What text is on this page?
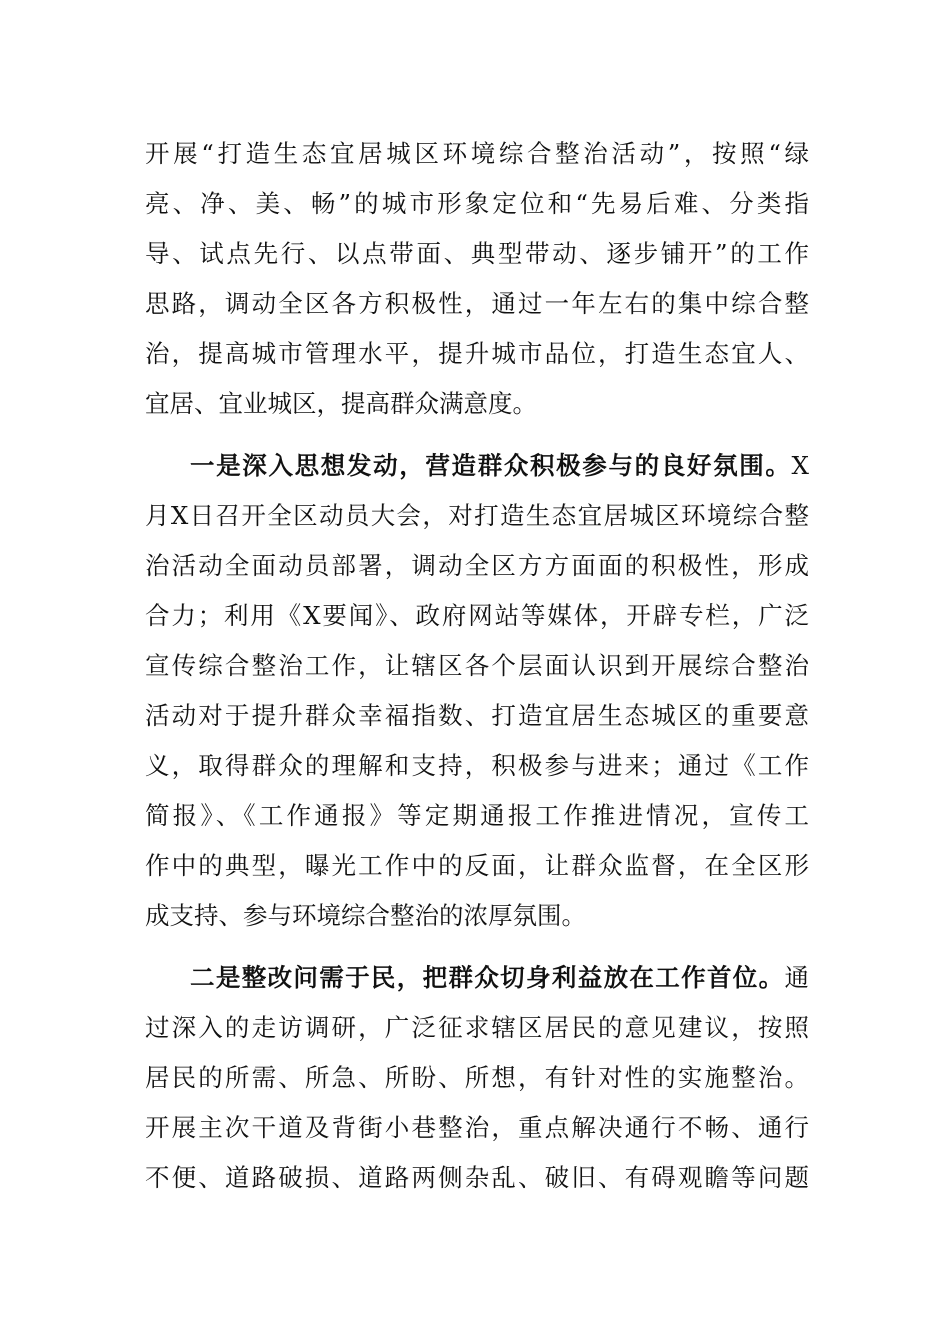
开展“打造生态宜居城区环境综合整治活动”，按照“绿
亮、净、美、畅”的城市形象定位和“先易后难、分类指
导、试点先行、以点带面、典型带动、逐步铺开”的工作
思路，调动全区各方积极性，通过一年左右的集中综合整
治，提高城市管理水平，提升城市品位，打造生态宜人、
宜居、宜业城区，提高群众满意度。
一是深入思想发动，营造群众积极参与的良好氛围。X
月X日召开全区动员大会，对打造生态宜居城区环境综合整
治活动全面动员部署，调动全区方方面面的积极性，形成
合力；利用《X要闻》、政府网站等媒体，开辟专栏，广泛
宣传综合整治工作，让辖区各个层面认识到开展综合整治
活动对于提升群众幸福指数、打造宜居生态城区的重要意
义，取得群众的理解和支持，积极参与进来；通过《工作
简报》、《工作通报》等定期通报工作推进情况，宣传工
作中的典型，曝光工作中的反面，让群众监督，在全区形
成支持、参与环境综合整治的浓厚氛围。
二是整改问需于民，把群众切身利益放在工作首位。通
过深入的走访调研，广泛征求辖区居民的意见建议，按照
居民的所需、所急、所盼、所想，有针对性的实施整治。
开展主次干道及背街小巷整治，重点解决通行不畅、通行
不便、道路破损、道路两侧杂乱、破旧、有碍观瞻等问题
